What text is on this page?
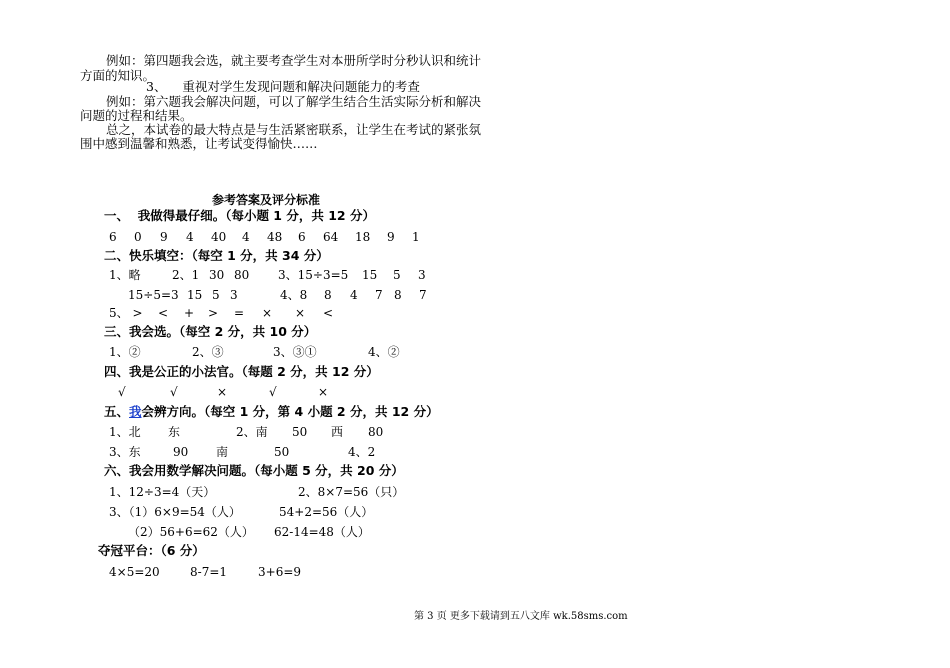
例如：第四题我会选，就主要考查学生对本册所学时分秒认识和统计
方面的知识。
3、    重视对学生发现问题和解决问题能力的考查
例如：第六题我会解决问题，可以了解学生结合生活实际分析和解决
问题的过程和结果。
总之，本试卷的最大特点是与生活紧密联系，让学生在考试的紧张氛
围中感到温馨和熟悉，让考试变得愉快‥‥‥
参考答案及评分标准
一、  我做得最仔细。（每小题 1 分，共 12 分）
6 0 9 4 40 4 48 6 64 18 9 1
二、快乐填空：（每空 1 分，共 34 分）
1、略	2、1 30 80 3、15÷3=5 15 5 3
15÷5=3 15 5 3	4、8 8 4 7 8 7
5、 > < + > = × × <
三、我会选。（每空 2 分，共 10 分）
1、②	2、③	3、③①	4、②
四、我是公正的小法官。（每题 2 分，共 12 分）
√	√	×	√	×
五、我会辨方向。（每空 1 分，第 4 小题 2 分，共 12 分）
1、北 东	2、南 50 西 80
3、东	90 南	50	4、2
六、我会用数学解决问题。（每小题 5 分，共 20 分）
1、12÷3=4（天）	2、8×7=56（只）
3、（1）6×9=54（人）	54+2=56（人）
（2）56+6=62（人） 62-14=48（人）
夺冠平台：（6 分）
4×5=20	8-7=1	3+6=9
第 3 页 更多下载请到五八文库 wk.58sms.com
